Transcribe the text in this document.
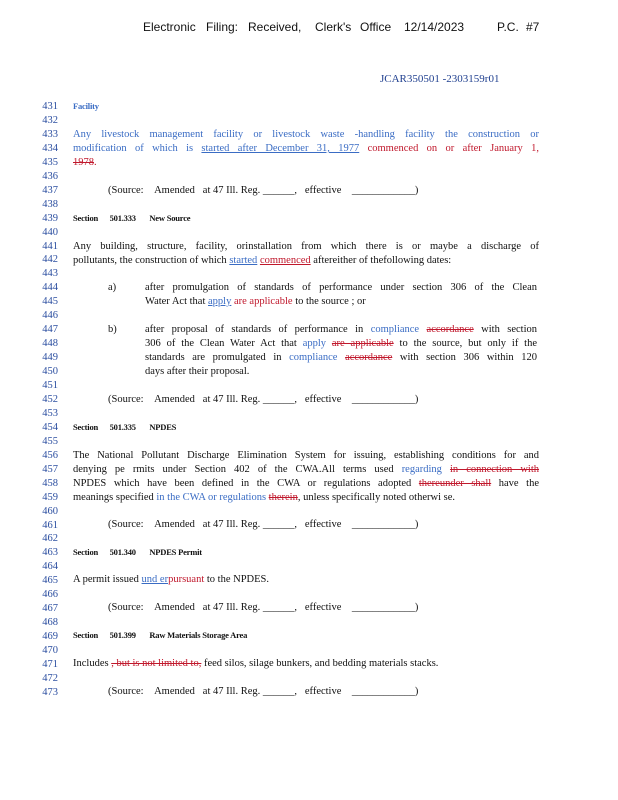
Electronic Filing: Received, Clerk's Office 12/14/2023	P.C. #7
JCAR350501 -2303159r01
431
432
433
434
435
436
437
438
439
440
441
442
443
444
445
446
447
448
449
450
451
452
453
454
455
456
457
458
459
460
461
462
463
464
465
466
467
468
469
470
471
472
473
Facility
Any livestock management facility or livestock waste -handling facility the construction or
modification of which is started after December 31, 1977 commenced on or after January 1,
1978.
(Source: Amended at 47 Ill. Reg. ______, effective ____________)
Section 501.333 New Source
Any building, structure, facility, orinstallation from which there is or maybe a discharge of
pollutants, the construction of which started commenced aftereither of thefollowing dates:
a)	after promulgation of standards of performance under section 306 of the Clean
Water Act that apply are applicable to the source ; or
b)	after proposal of standards of performance in compliance accordance with section
306 of the Clean Water Act that apply are applicable to the source, but only if the
standards are promulgated in compliance accordance with section 306 within 120
days after their proposal.
(Source: Amended at 47 Ill. Reg. ______, effective ____________)
Section 501.335 NPDES
The National Pollutant Discharge Elimination System for issuing, establishing conditions for and
denying pe rmits under Section 402 of the CWA.All terms used regarding in connection with
NPDES which have been defined in the CWA or regulations adopted thereunder shall have the
meanings specified in the CWA or regulations therein, unless specifically noted otherwi se.
(Source: Amended at 47 Ill. Reg. ______, effective ____________)
Section 501.340 NPDES Permit
A permit issued und erpursuant to the NPDES.
(Source: Amended at 47 Ill. Reg. ______, effective ____________)
Section 501.399 Raw Materials Storage Area
Includes , but is not limited to, feed silos, silage bunkers, and bedding materials stacks.
(Source: Amended at 47 Ill. Reg. ______, effective ____________)
